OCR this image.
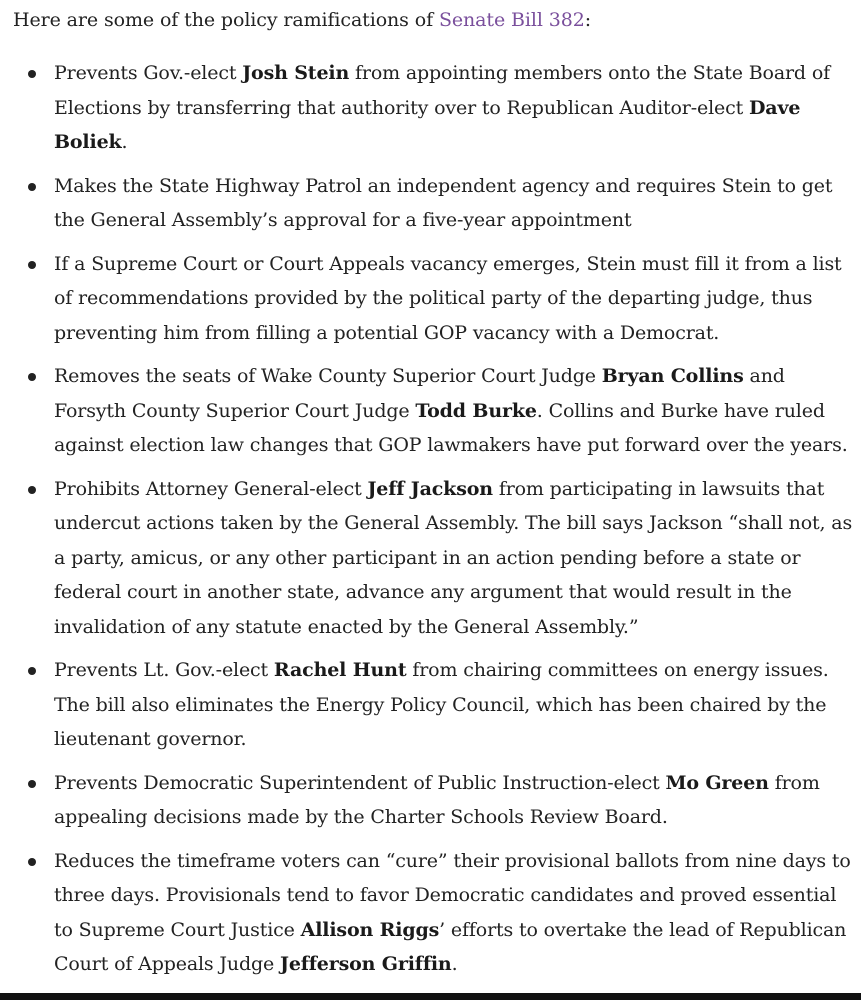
Here are some of the policy ramifications of Senate Bill 382:

Prevents Gov.-elect Josh Stein from appointing members onto the State Board of Elections by transferring that authority over to Republican Auditor-elect Dave Boliek.
Makes the State Highway Patrol an independent agency and requires Stein to get the General Assembly’s approval for a five-year appointment
If a Supreme Court or Court Appeals vacancy emerges, Stein must fill it from a list of recommendations provided by the political party of the departing judge, thus preventing him from filling a potential GOP vacancy with a Democrat.
Removes the seats of Wake County Superior Court Judge Bryan Collins and Forsyth County Superior Court Judge Todd Burke. Collins and Burke have ruled against election law changes that GOP lawmakers have put forward over the years.
Prohibits Attorney General-elect Jeff Jackson from participating in lawsuits that undercut actions taken by the General Assembly. The bill says Jackson “shall not, as a party, amicus, or any other participant in an action pending before a state or federal court in another state, advance any argument that would result in the invalidation of any statute enacted by the General Assembly.”
Prevents Lt. Gov.-elect Rachel Hunt from chairing committees on energy issues. The bill also eliminates the Energy Policy Council, which has been chaired by the lieutenant governor.
Prevents Democratic Superintendent of Public Instruction-elect Mo Green from appealing decisions made by the Charter Schools Review Board.
Reduces the timeframe voters can “cure” their provisional ballots from nine days to three days. Provisionals tend to favor Democratic candidates and proved essential to Supreme Court Justice Allison Riggs’ efforts to overtake the lead of Republican Court of Appeals Judge Jefferson Griffin.
